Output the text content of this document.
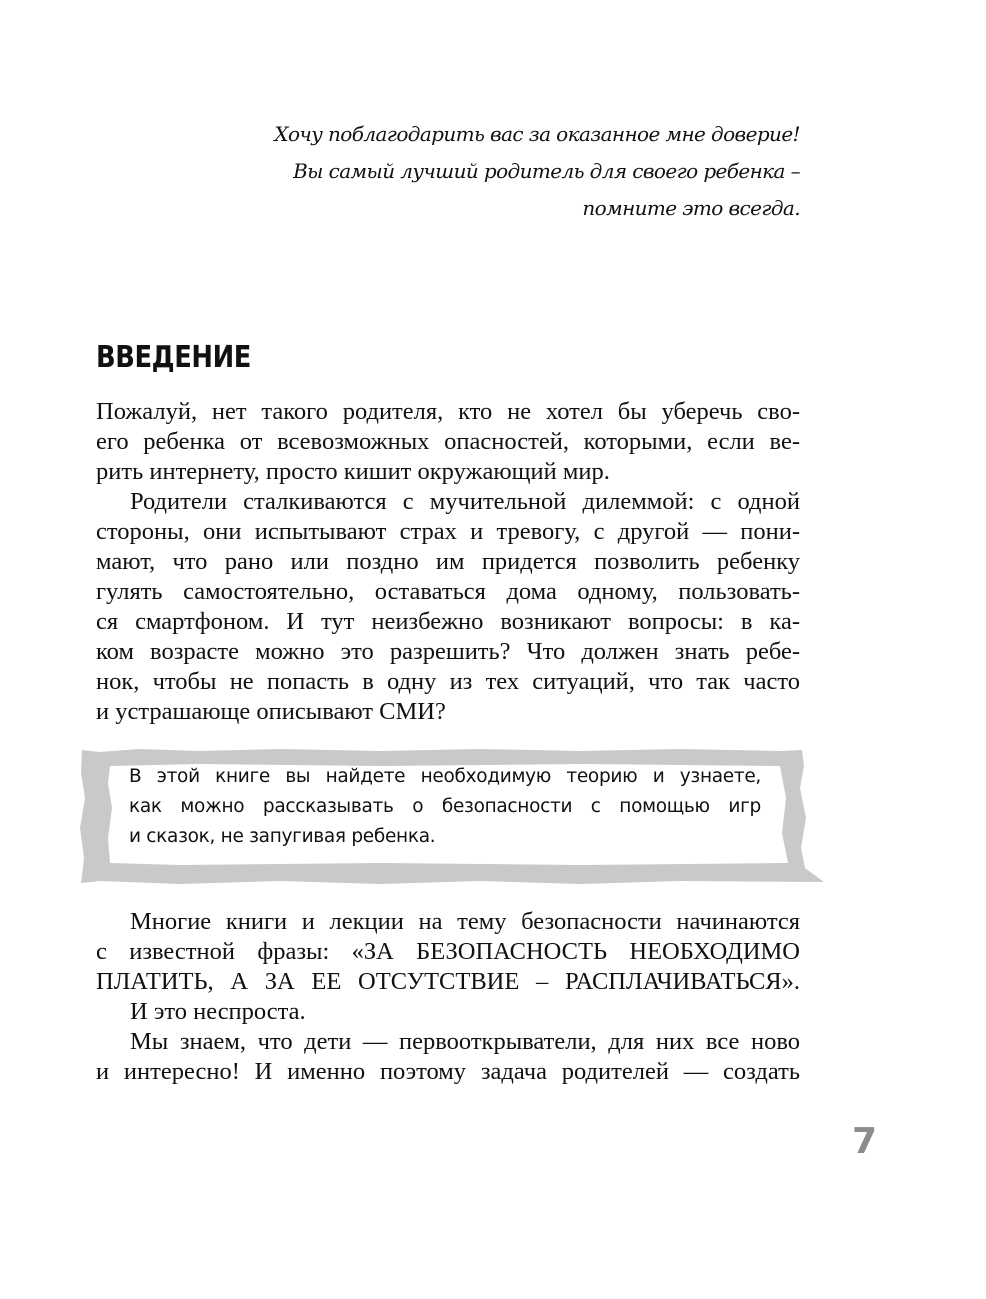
Хочу поблагодарить вас за оказанное мне доверие!
Вы самый лучший родитель для своего ребенка –
помните это всегда.
ВВЕДЕНИЕ
Пожалуй, нет такого родителя, кто не хотел бы уберечь сво-
его ребенка от всевозможных опасностей, которыми, если ве-
рить интернету, просто кишит окружающий мир.
Родители сталкиваются с мучительной дилеммой: с одной
стороны, они испытывают страх и тревогу, с другой — пони-
мают, что рано или поздно им придется позволить ребенку
гулять самостоятельно, оставаться дома одному, пользовать-
ся смартфоном. И тут неизбежно возникают вопросы: в ка-
ком возрасте можно это разрешить? Что должен знать ребе-
нок, чтобы не попасть в одну из тех ситуаций, что так часто
и устрашающе описывают СМИ?
В этой книге вы найдете необходимую теорию и узнаете,
как можно рассказывать о безопасности с помощью игр
и сказок, не запугивая ребенка.
Многие книги и лекции на тему безопасности начинаются
с известной фразы: «ЗА БЕЗОПАСНОСТЬ НЕОБХОДИМО
ПЛАТИТЬ, А ЗА ЕЕ ОТСУТСТВИЕ – РАСПЛАЧИВАТЬСЯ».
И это неспроста.
Мы знаем, что дети — первооткрыватели, для них все ново
и интересно! И именно поэтому задача родителей — создать
7
